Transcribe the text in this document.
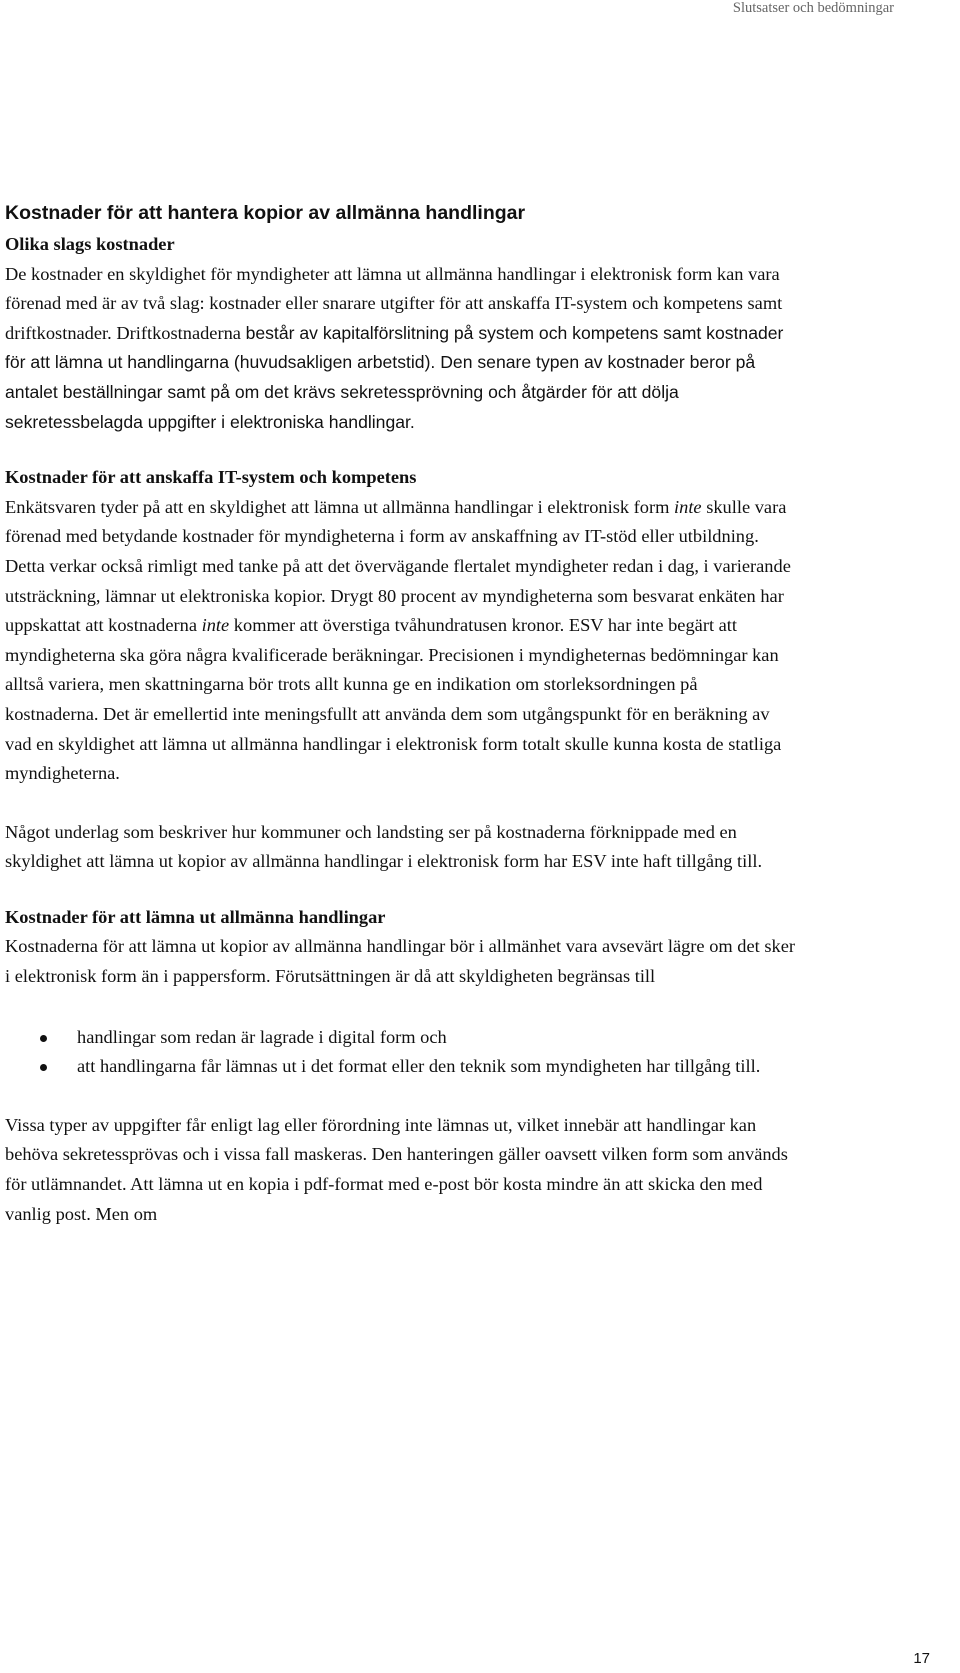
Slutsatser och bedömningar
Kostnader för att hantera kopior av allmänna handlingar
Olika slags kostnader

De kostnader en skyldighet för myndigheter att lämna ut allmänna handlingar i elektronisk form kan vara förenad med är av två slag: kostnader eller snarare utgifter för att anskaffa IT-system och kompetens samt driftkostnader. Driftkostnaderna består av kapitalförslitning på system och kompetens samt kostnader för att lämna ut handlingarna (huvudsakligen arbetstid). Den senare typen av kostnader beror på antalet beställningar samt på om det krävs sekretessprövning och åtgärder för att dölja sekretessbelagda uppgifter i elektroniska handlingar.

Kostnader för att anskaffa IT-system och kompetens

Enkätsvaren tyder på att en skyldighet att lämna ut allmänna handlingar i elektronisk form inte skulle vara förenad med betydande kostnader för myndigheterna i form av anskaffning av IT-stöd eller utbildning. Detta verkar också rimligt med tanke på att det övervägande flertalet myndigheter redan i dag, i varierande utsträckning, lämnar ut elektroniska kopior. Drygt 80 procent av myndigheterna som besvarat enkäten har uppskattat att kostnaderna inte kommer att överstiga tvåhundratusen kronor. ESV har inte begärt att myndigheterna ska göra några kvalificerade beräkningar. Precisionen i myndigheternas bedömningar kan alltså variera, men skattningarna bör trots allt kunna ge en indikation om storleksordningen på kostnaderna. Det är emellertid inte meningsfullt att använda dem som utgångspunkt för en beräkning av vad en skyldighet att lämna ut allmänna handlingar i elektronisk form totalt skulle kunna kosta de statliga myndigheterna.

Något underlag som beskriver hur kommuner och landsting ser på kostnaderna förknippade med en skyldighet att lämna ut kopior av allmänna handlingar i elektronisk form har ESV inte haft tillgång till.

Kostnader för att lämna ut allmänna handlingar

Kostnaderna för att lämna ut kopior av allmänna handlingar bör i allmänhet vara avsevärt lägre om det sker i elektronisk form än i pappersform. Förutsättningen är då att skyldigheten begränsas till

handlingar som redan är lagrade i digital form och
att handlingarna får lämnas ut i det format eller den teknik som myndigheten har tillgång till.

Vissa typer av uppgifter får enligt lag eller förordning inte lämnas ut, vilket innebär att handlingar kan behöva sekretessprövas och i vissa fall maskeras. Den hanteringen gäller oavsett vilken form som används för utlämnandet. Att lämna ut en kopia i pdf-format med e-post bör kosta mindre än att skicka den med vanlig post. Men om

17
